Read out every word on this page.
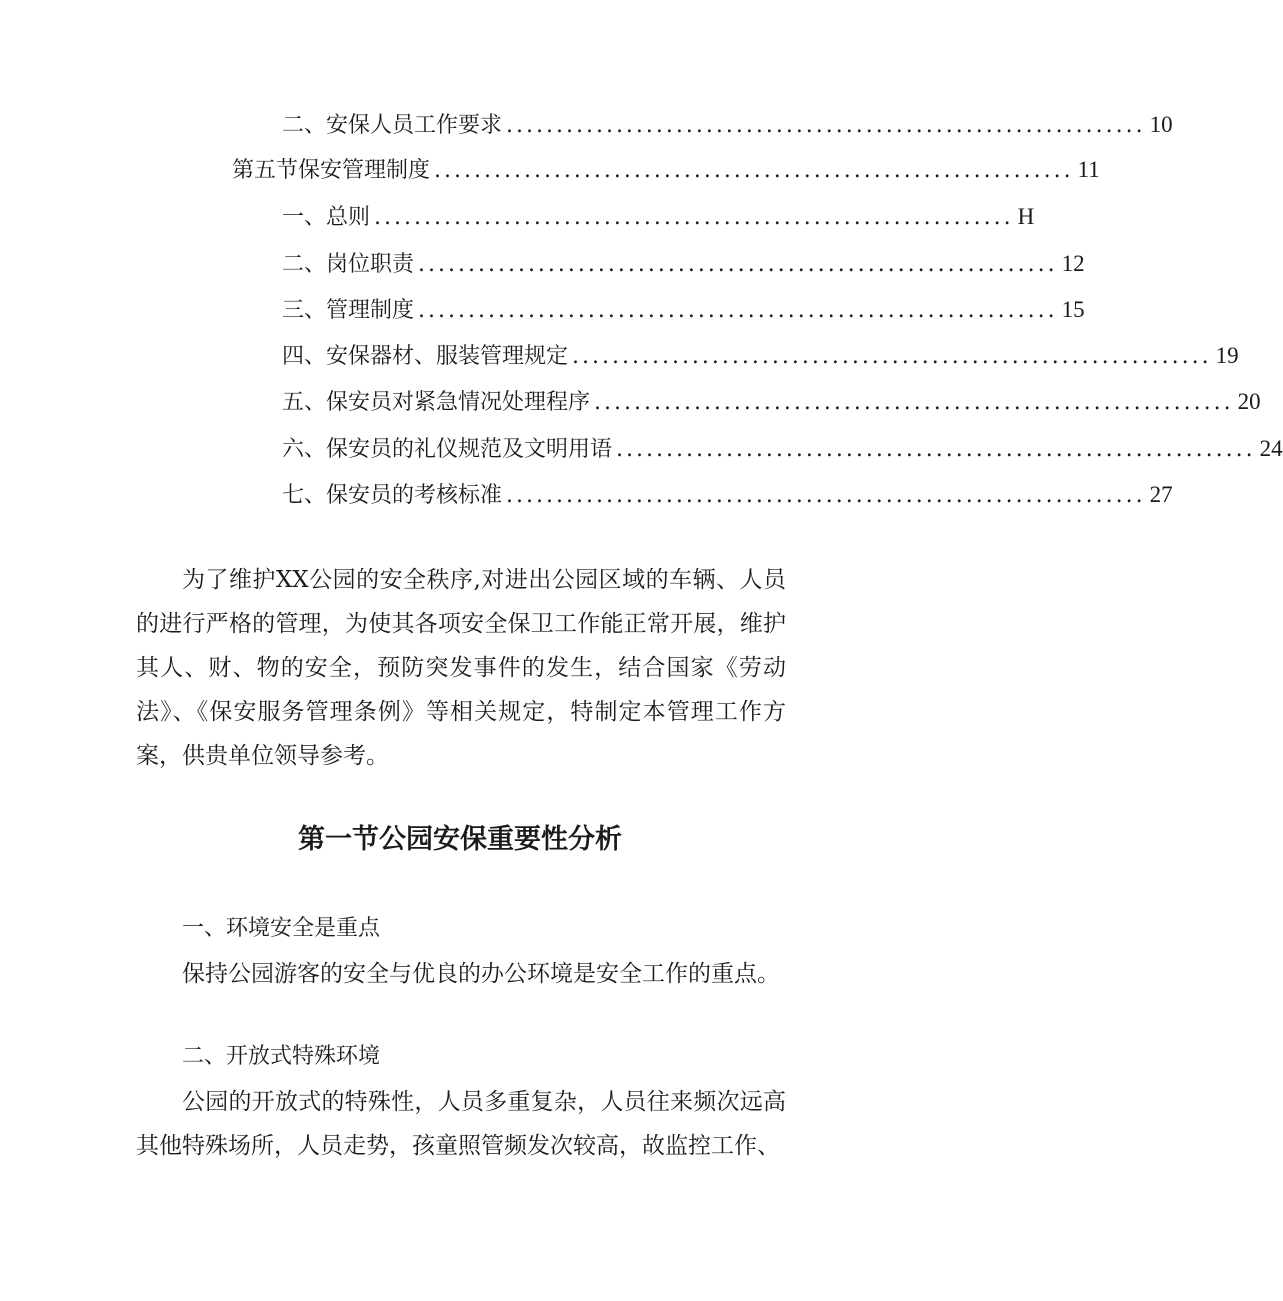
二、安保人员工作要求 ................................................................ 10
第五节保安管理制度 ................................................................ 11
一、总则 ................................................................ H
二、岗位职责 ................................................................ 12
三、管理制度 ................................................................ 15
四、安保器材、服装管理规定 ................................................................ 19
五、保安员对紧急情况处理程序 ................................................................ 20
六、保安员的礼仪规范及文明用语 ................................................................ 24
七、保安员的考核标准 ................................................................ 27

为了维护XX公园的安全秩序,对进出公园区域的车辆、人员的进行严格的管理，为使其各项安全保卫工作能正常开展，维护其人、财、物的安全，预防突发事件的发生，结合国家《劳动法》、《保安服务管理条例》等相关规定，特制定本管理工作方案，供贵单位领导参考。

第一节公园安保重要性分析
一、环境安全是重点

保持公园游客的安全与优良的办公环境是安全工作的重点。

二、开放式特殊环境

公园的开放式的特殊性，人员多重复杂，人员往来频次远高其他特殊场所，人员走势，孩童照管频发次较高，故监控工作、
